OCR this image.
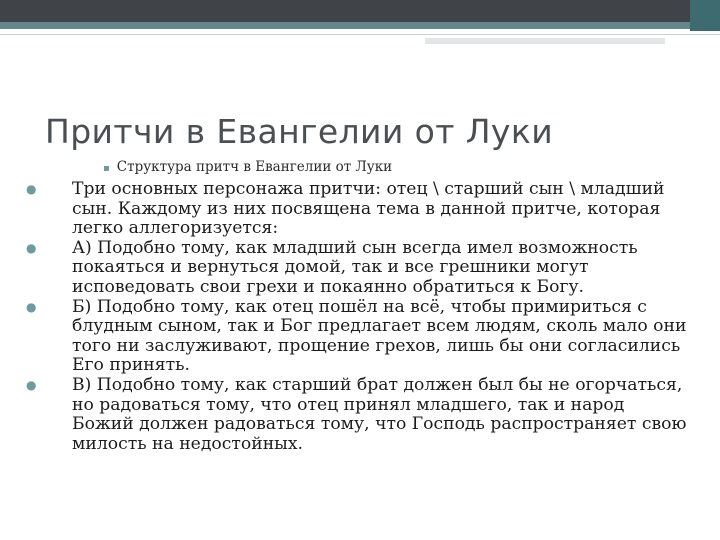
Притчи в Евангелии от Луки
▪ Структура притч в Евангелии от Луки
● Три основных персонажа притчи: отец \ старший сын \ младший сын. Каждому из них посвящена тема в данной притче, которая легко аллегоризуется:
● А) Подобно тому, как младший сын всегда имел возможность покаяться и вернуться домой, так и все грешники могут исповедовать свои грехи и покаянно обратиться к Богу.
● Б) Подобно тому, как отец пошёл на всё, чтобы примириться с блудным сыном, так и Бог предлагает всем людям, сколь мало они того ни заслуживают, прощение грехов, лишь бы они согласились Его принять.
● В) Подобно тому, как старший брат должен был бы не огорчаться, но радоваться тому, что отец принял младшего, так и народ Божий должен радоваться тому, что Господь распространяет свою милость на недостойных.
